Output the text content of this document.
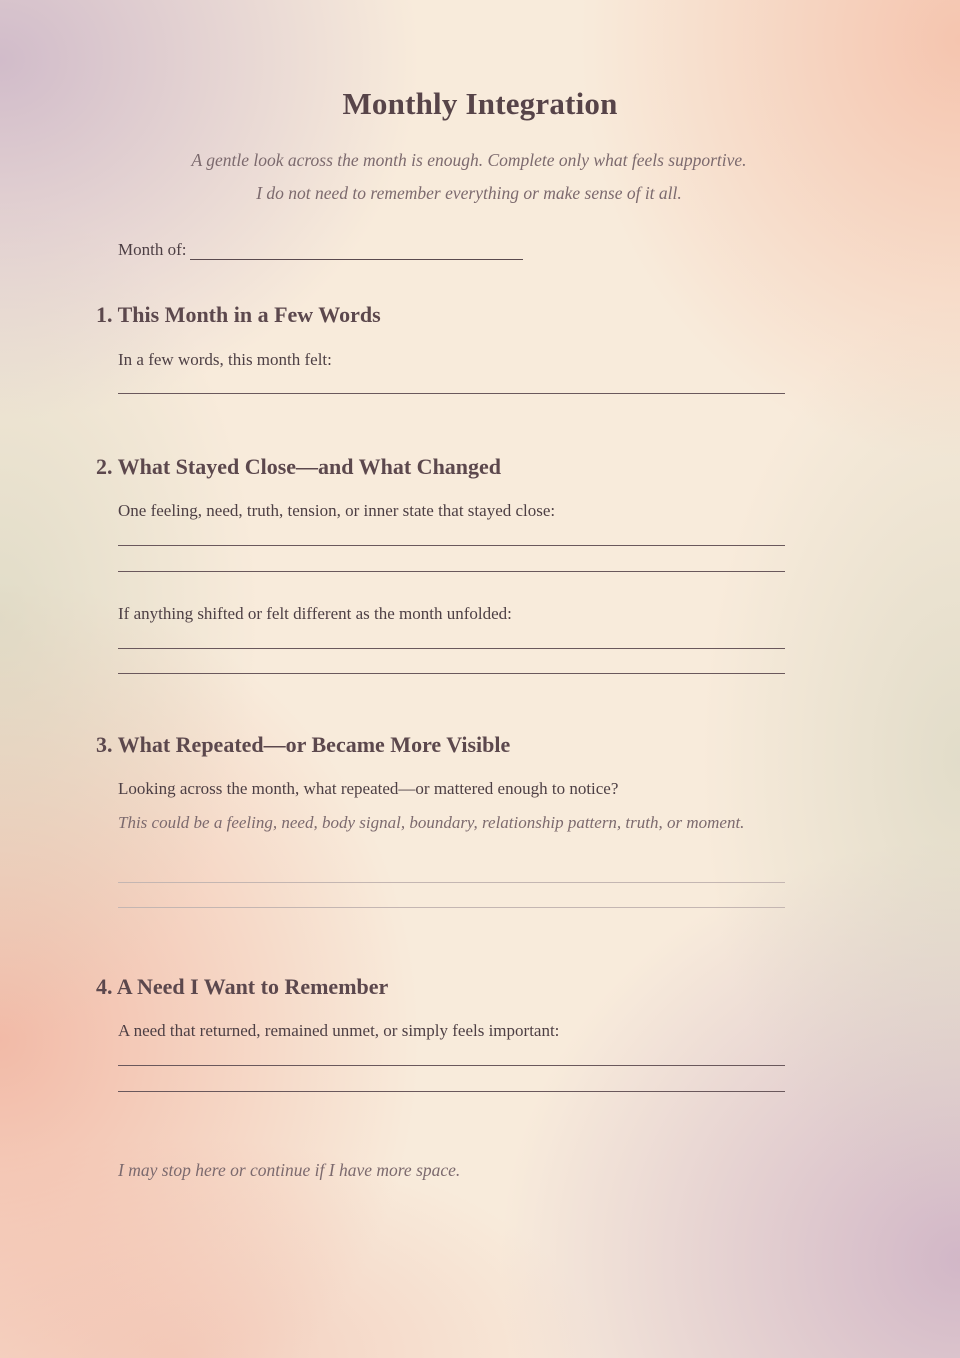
Monthly Integration
A gentle look across the month is enough. Complete only what feels supportive.
I do not need to remember everything or make sense of it all.
Month of:
1. This Month in a Few Words
In a few words, this month felt:
2. What Stayed Close—and What Changed
One feeling, need, truth, tension, or inner state that stayed close:
If anything shifted or felt different as the month unfolded:
3. What Repeated—or Became More Visible
Looking across the month, what repeated—or mattered enough to notice?
This could be a feeling, need, body signal, boundary, relationship pattern, truth, or moment.
4. A Need I Want to Remember
A need that returned, remained unmet, or simply feels important:
I may stop here or continue if I have more space.
